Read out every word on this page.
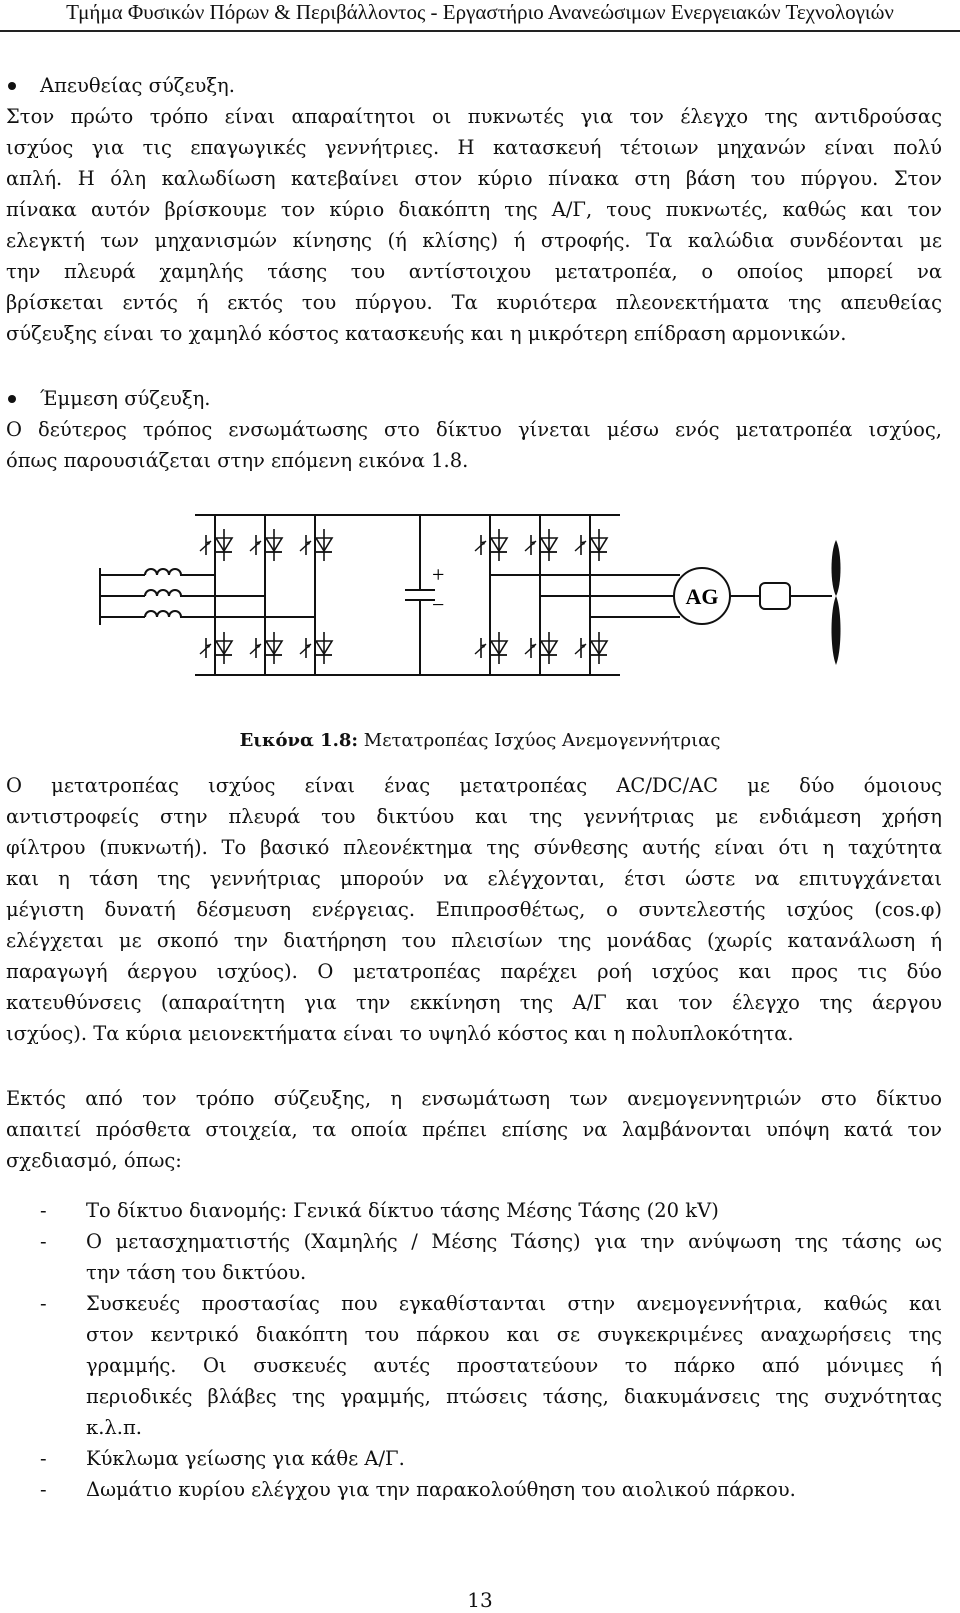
Τμήμα Φυσικών Πόρων & Περιβάλλοντος - Εργαστήριο Ανανεώσιμων Ενεργειακών Τεχνολογιών
Απευθείας σύζευξη.
Στον πρώτο τρόπο είναι απαραίτητοι οι πυκνωτές για τον έλεγχο της αντιδρούσας
ισχύος για τις επαγωγικές γεννήτριες. Η κατασκευή τέτοιων μηχανών είναι πολύ
απλή. Η όλη καλωδίωση κατεβαίνει στον κύριο πίνακα στη βάση του πύργου. Στον
πίνακα αυτόν βρίσκουμε τον κύριο διακόπτη της Α/Γ, τους πυκνωτές, καθώς και τον
ελεγκτή των μηχανισμών κίνησης (ή κλίσης) ή στροφής. Τα καλώδια συνδέονται με
την πλευρά χαμηλής τάσης του αντίστοιχου μετατροπέα, ο οποίος μπορεί να
βρίσκεται εντός ή εκτός του πύργου. Τα κυριότερα πλεονεκτήματα της απευθείας
σύζευξης είναι το χαμηλό κόστος κατασκευής και η μικρότερη επίδραση αρμονικών.
Έμμεση σύζευξη.
Ο δεύτερος τρόπος ενσωμάτωσης στο δίκτυο γίνεται μέσω ενός μετατροπέα ισχύος,
όπως παρουσιάζεται στην επόμενη εικόνα 1.8.
+
−	AG
Εικόνα 1.8: Μετατροπέας Ισχύος Ανεμογεννήτριας
Ο μετατροπέας ισχύος είναι ένας μετατροπέας AC/DC/AC με δύο όμοιους
αντιστροφείς στην πλευρά του δικτύου και της γεννήτριας με ενδιάμεση χρήση
φίλτρου (πυκνωτή). Το βασικό πλεονέκτημα της σύνθεσης αυτής είναι ότι η ταχύτητα
και η τάση της γεννήτριας μπορούν να ελέγχονται, έτσι ώστε να επιτυγχάνεται
μέγιστη δυνατή δέσμευση ενέργειας. Επιπροσθέτως, ο συντελεστής ισχύος (cos.φ)
ελέγχεται με σκοπό την διατήρηση του πλεισίων της μονάδας (χωρίς κατανάλωση ή
παραγωγή άεργου ισχύος). Ο μετατροπέας παρέχει ροή ισχύος και προς τις δύο
κατευθύνσεις (απαραίτητη για την εκκίνηση της Α/Γ και τον έλεγχο της άεργου
ισχύος). Τα κύρια μειονεκτήματα είναι το υψηλό κόστος και η πολυπλοκότητα.
Εκτός από τον τρόπο σύζευξης, η ενσωμάτωση των ανεμογεννητριών στο δίκτυο
απαιτεί πρόσθετα στοιχεία, τα οποία πρέπει επίσης να λαμβάνονται υπόψη κατά τον
σχεδιασμό, όπως:
- Το δίκτυο διανομής: Γενικά δίκτυο τάσης Μέσης Τάσης (20 kV)
- Ο μετασχηματιστής (Χαμηλής / Μέσης Τάσης) για την ανύψωση της τάσης ως
την τάση του δικτύου.
- Συσκευές προστασίας που εγκαθίστανται στην ανεμογεννήτρια, καθώς και
στον κεντρικό διακόπτη του πάρκου και σε συγκεκριμένες αναχωρήσεις της
γραμμής. Οι συσκευές αυτές προστατεύουν το πάρκο από μόνιμες ή
περιοδικές βλάβες της γραμμής, πτώσεις τάσης, διακυμάνσεις της συχνότητας
κ.λ.π.
- Κύκλωμα γείωσης για κάθε Α/Γ.
- Δωμάτιο κυρίου ελέγχου για την παρακολούθηση του αιολικού πάρκου.
13
